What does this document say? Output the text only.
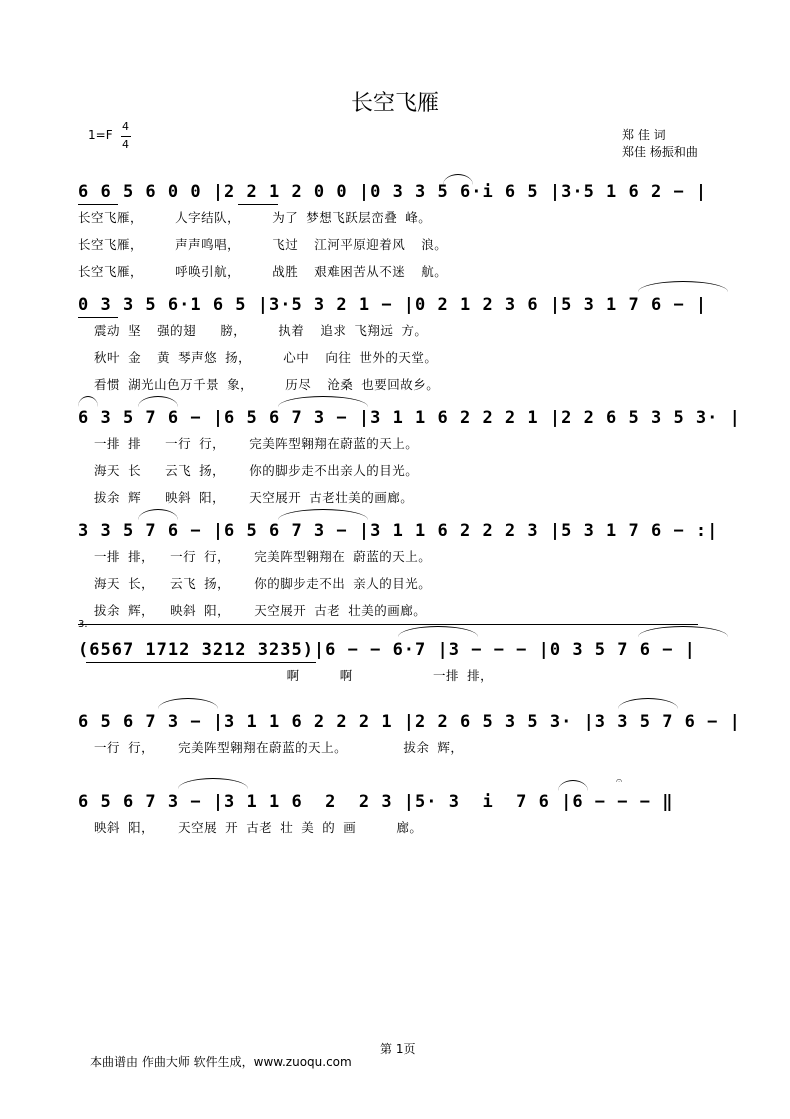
长空飞雁
1=F
4
4
郑 佳 词
郑佳 杨振和曲

6 6 5 6 0 0 |2 2 1 2 0 0 |0 3 3 5 6·i 6 5 |3·5 1 6 2 − |

长空飞雁，    人字结队，    为了 梦想飞跃层峦叠 峰。

长空飞雁，    声声鸣唱，    飞过  江河平原迎着风  浪。

长空飞雁，    呼唤引航，    战胜  艰难困苦从不迷  航。

0 3 3 5 6·1 6 5 |3·5 3 2 1 − |0 2 1 2 3 6 |5 3 1 7 6 − |

震动 坚  强的翅   膀，    执着  追求 飞翔远 方。

秋叶 金  黄 琴声悠 扬，    心中  向往 世外的天堂。

看惯 湖光山色万千景 象，    历尽  沧桑 也要回故乡。

6 3 5 7 6 − |6 5 6 7 3 − |3 1 1 6 2 2 2 1 |2 2 6 5 3 5 3· |

一排 排   一行 行，   完美阵型翱翔在蔚蓝的天上。

海天 长   云飞 扬，   你的脚步走不出亲人的目光。

拔余 辉   映斜 阳，   天空展开 古老壮美的画廊。

3 3 5 7 6 − |6 5 6 7 3 − |3 1 1 6 2 2 2 3 |5 3 1 7 6 − :|

一排 排，  一行 行，   完美阵型翱翔在 蔚蓝的天上。

海天 长，  云飞 扬，   你的脚步走不出 亲人的目光。

拔余 辉，  映斜 阳，   天空展开 古老 壮美的画廊。

3.

(6567 1712 3212 3235)|6 − − 6·7 |3 − − − |0 3 5 7 6 − |

啊     啊          一排 排，

6 5 6 7 3 − |3 1 1 6 2 2 2 1 |2 2 6 5 3 5 3· |3 3 5 7 6 − |

一行 行，   完美阵型翱翔在蔚蓝的天上。       拔余 辉，

6 5 6 7 3 − |3 1 1 6  2  2 3 |5· 3  i  7 6 |6 − − − ‖

映斜 阳，   天空展 开 古老 壮 美 的 画     廊。

𝄐

第 1页
本曲谱由 作曲大师 软件生成，www.zuoqu.com
